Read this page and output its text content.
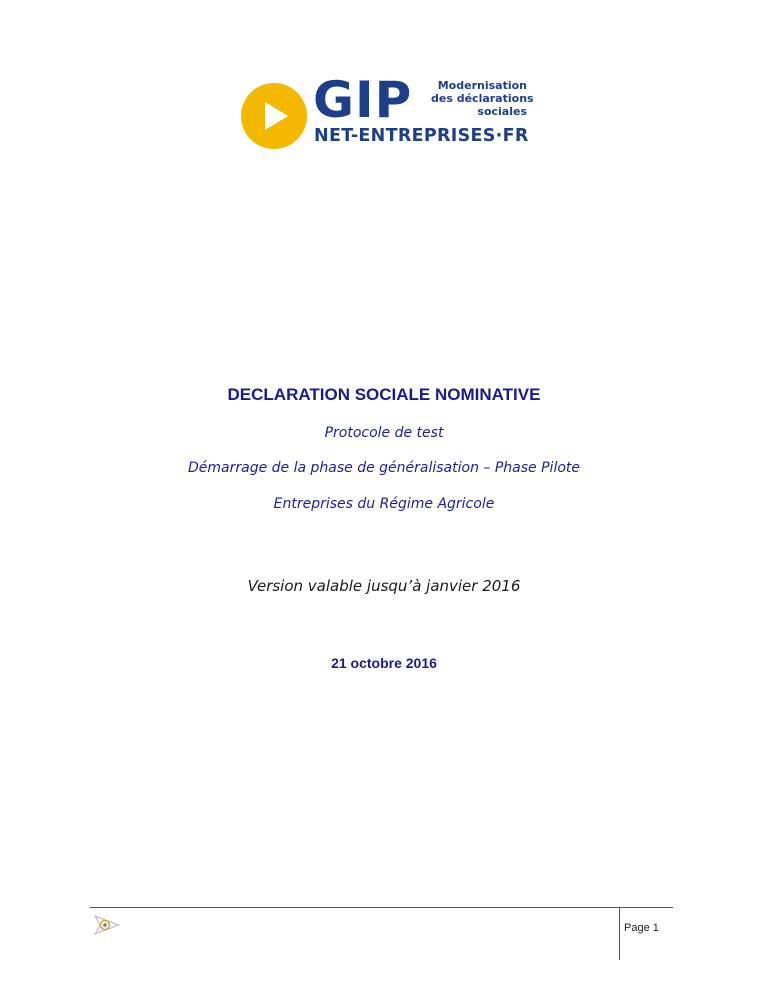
GIP	Modernisation
des déclarations
sociales
NET-ENTREPRISES·FR
DECLARATION SOCIALE NOMINATIVE
Protocole de test
Démarrage de la phase de généralisation – Phase Pilote
Entreprises du Régime Agricole
Version valable jusqu’à janvier 2016
21 octobre 2016
Page 1
